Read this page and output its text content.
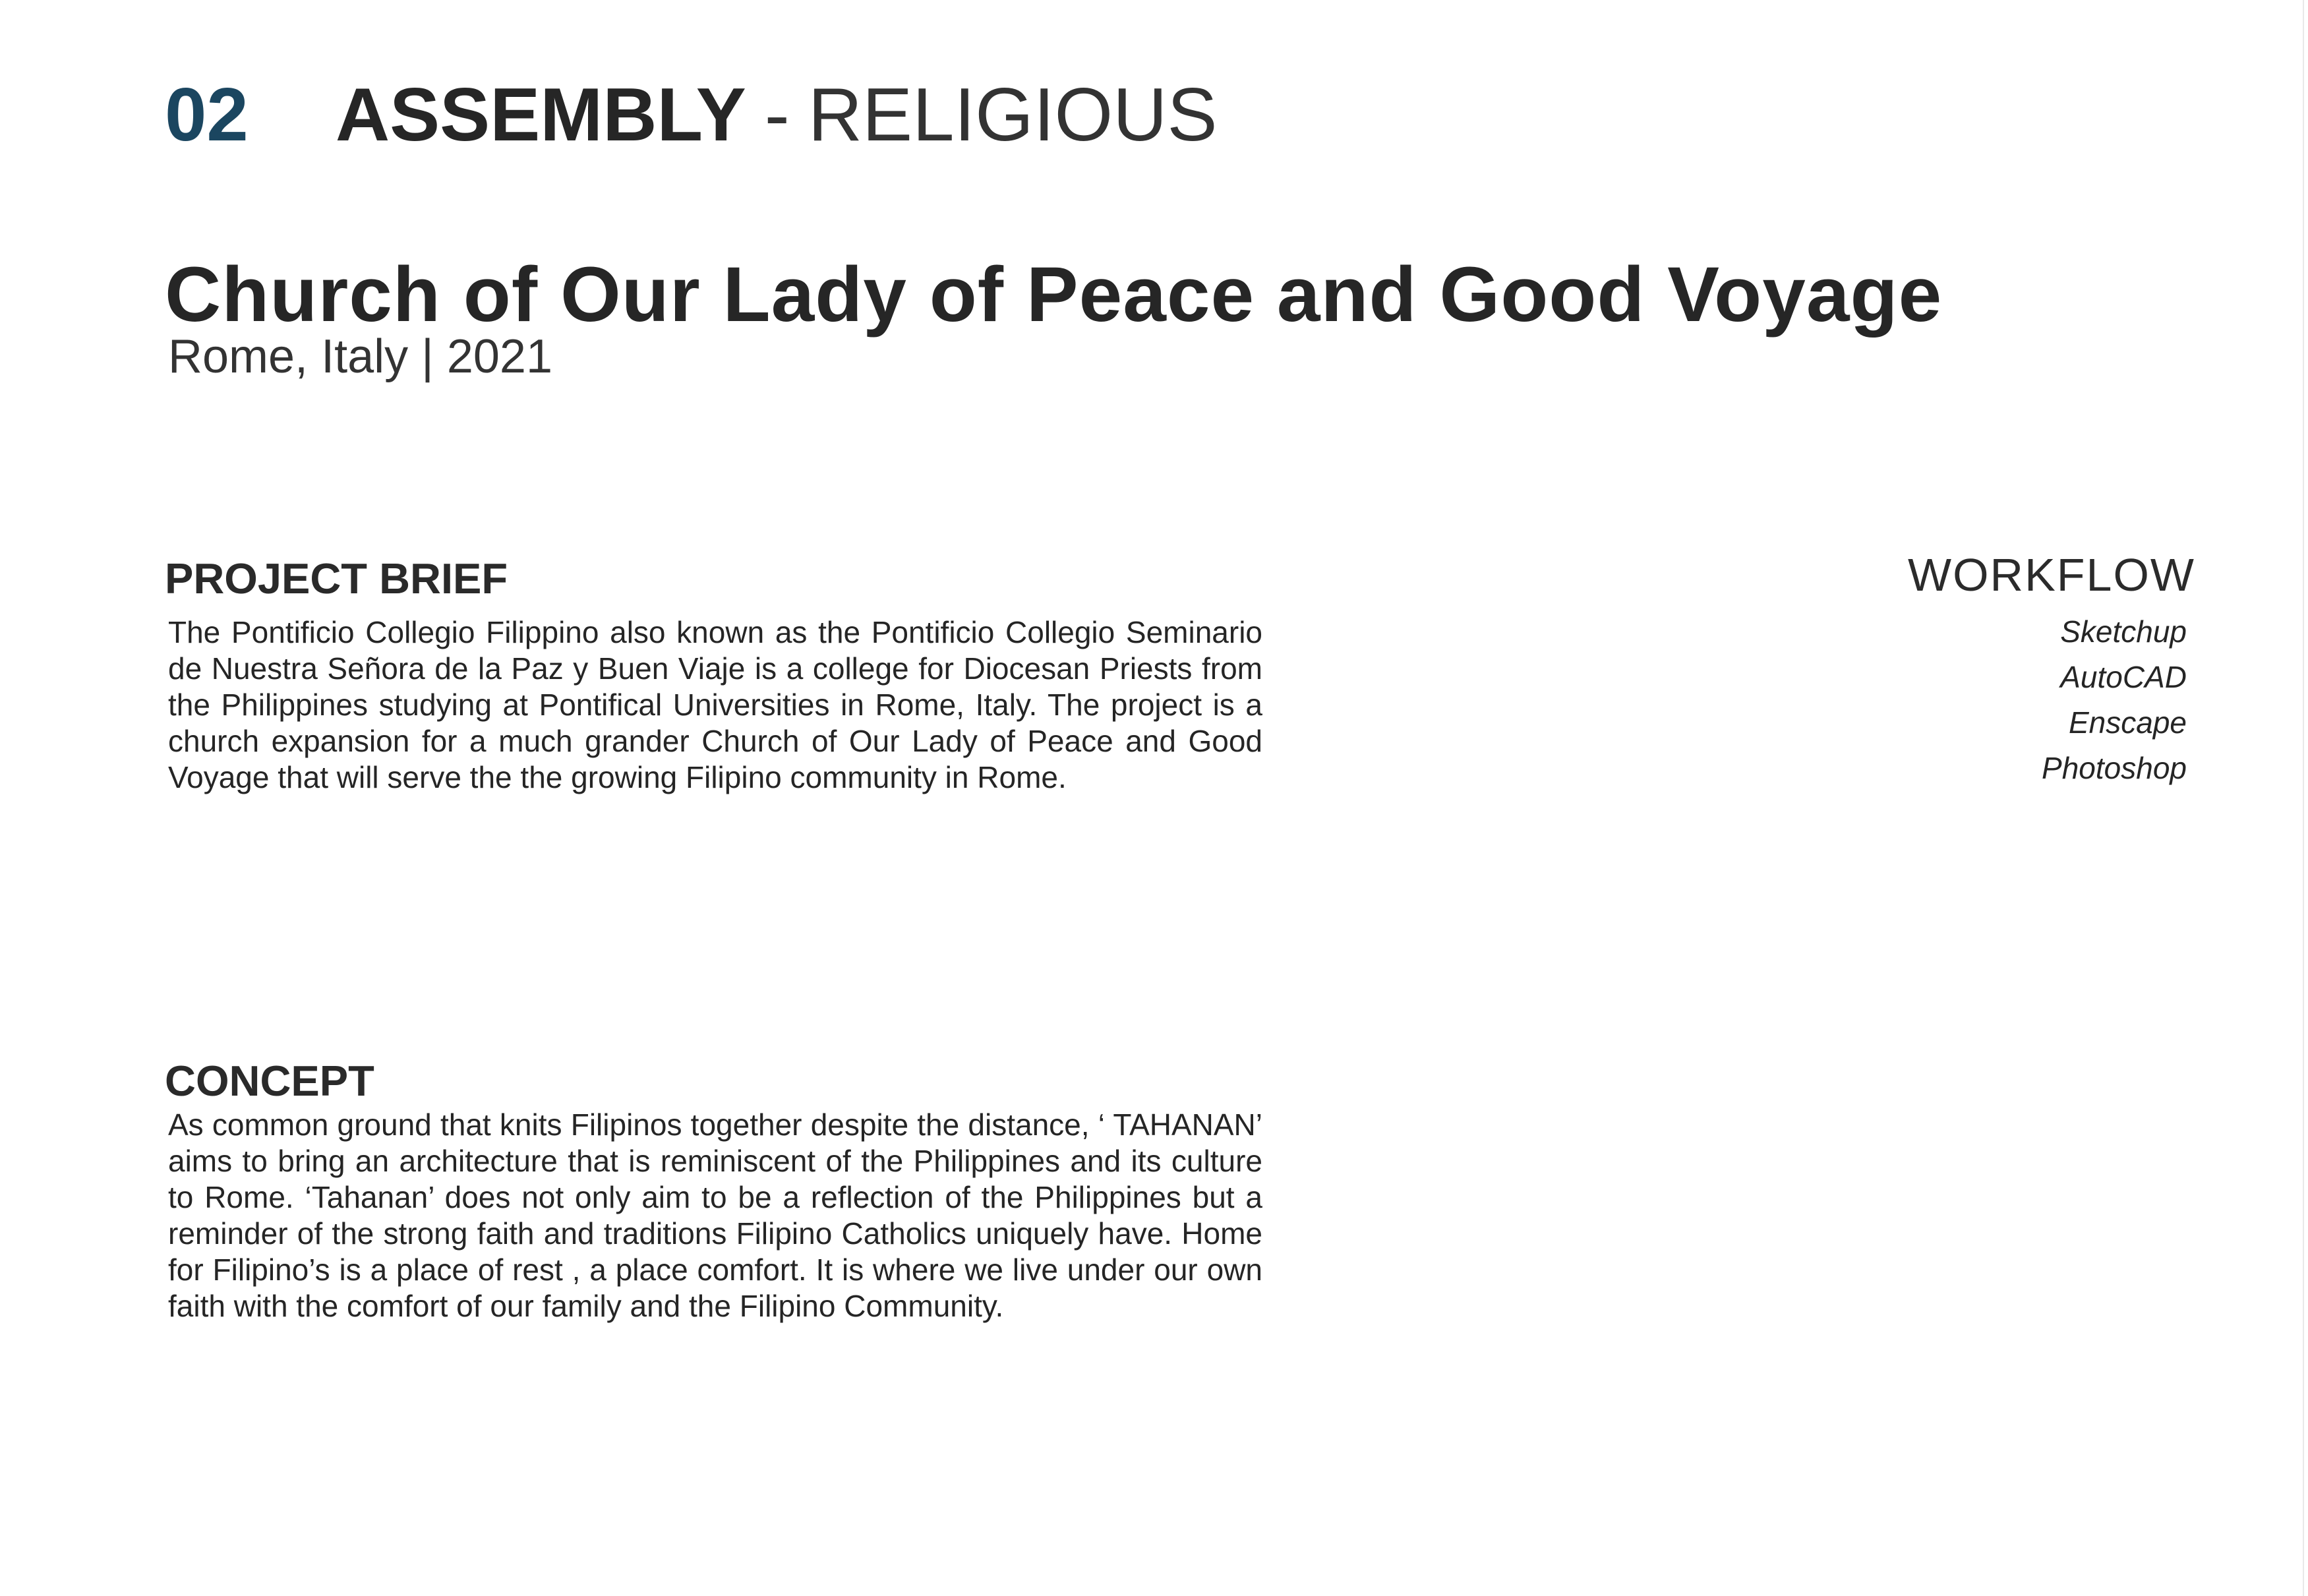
02 ASSEMBLY - RELIGIOUS
Church of Our Lady of Peace and Good Voyage
Rome, Italy | 2021
PROJECT BRIEF

The Pontificio Collegio Filippino also known as the Pontificio Collegio Seminario de Nuestra Señora de la Paz y Buen Viaje is a college for Diocesan Priests from the Philippines studying at Pontifical Universities in Rome, Italy. The project is a church expansion for a much grander Church of Our Lady of Peace and Good Voyage that will serve the the growing Filipino community in Rome.

WORKFLOW
Sketchup
AutoCAD
Enscape
Photoshop
CONCEPT

As common ground that knits Filipinos together despite the distance, ‘ TAHANAN’ aims to bring an architecture that is reminiscent of the Philippines and its culture to Rome. ‘Tahanan’ does not only aim to be a reflection of the Philippines but a reminder of the strong faith and traditions Filipino Catholics uniquely have. Home for Filipino’s is a place of rest , a place comfort. It is where we live under our own faith with the comfort of our family and the Filipino Community.
